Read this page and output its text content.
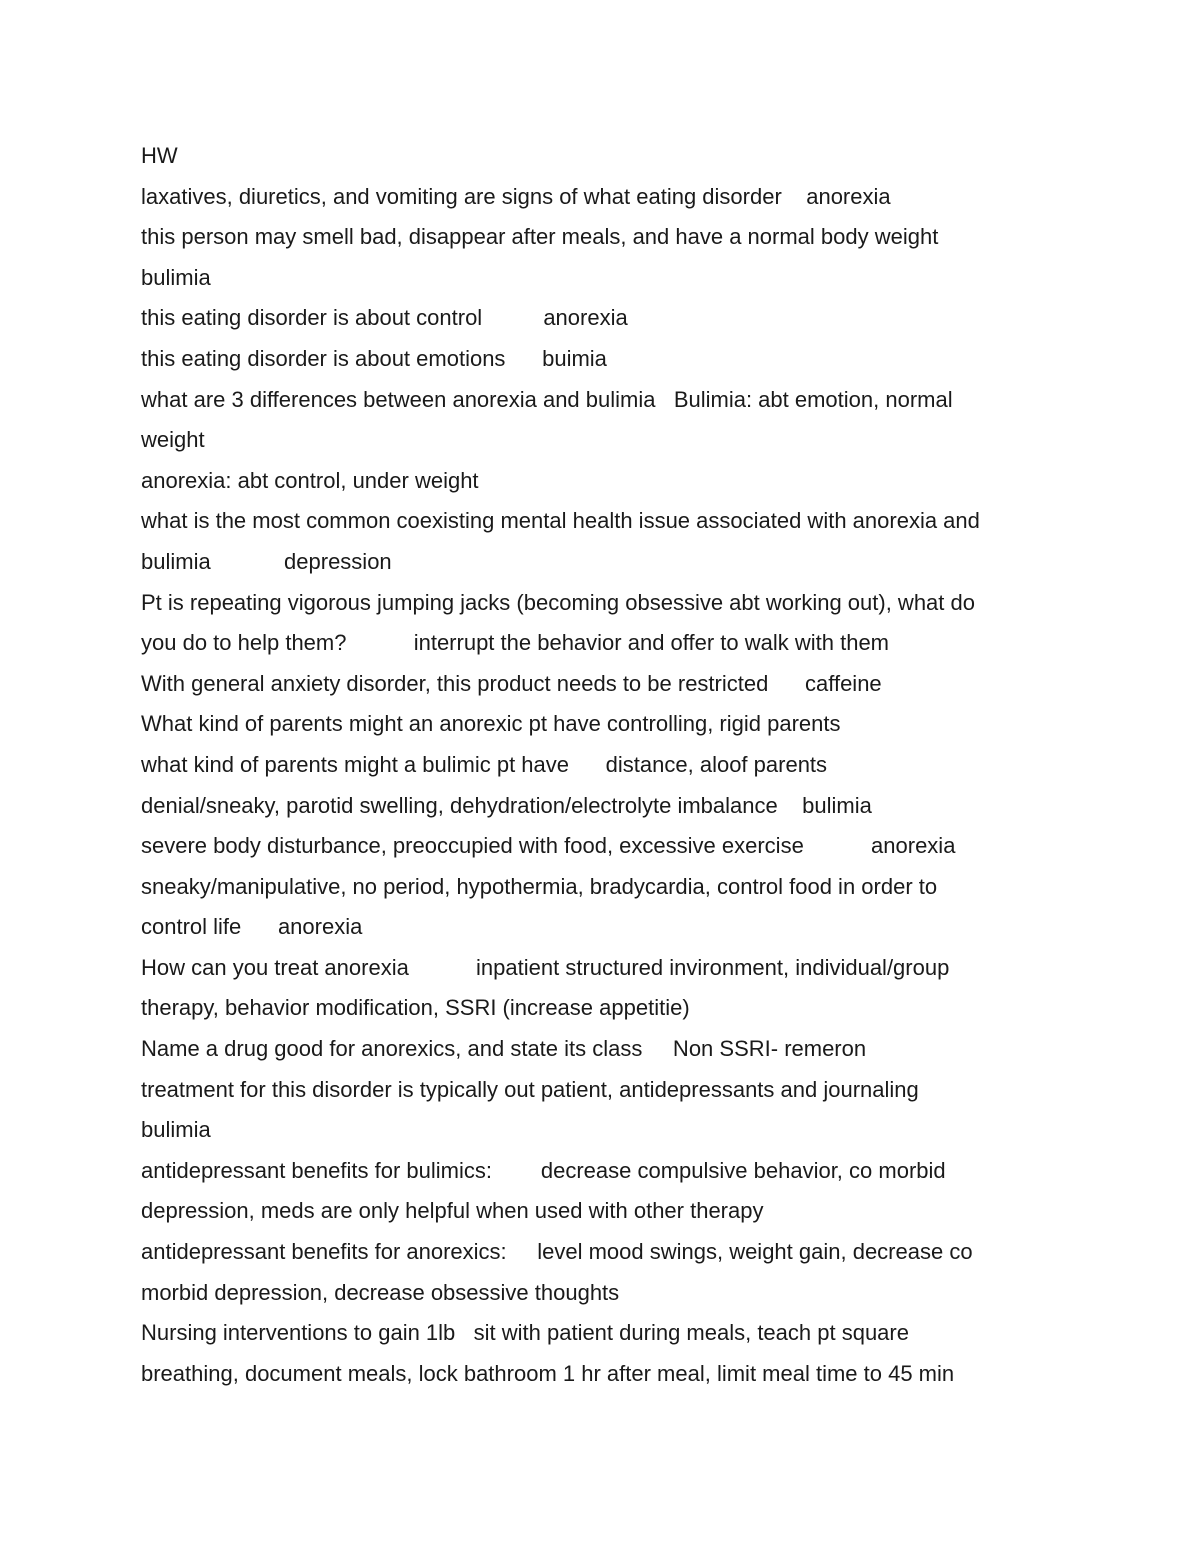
HW
laxatives, diuretics, and vomiting are signs of what eating disorder    anorexia
this person may smell bad, disappear after meals, and have a normal body weight
bulimia
this eating disorder is about control          anorexia
this eating disorder is about emotions      buimia
what are 3 differences between anorexia and bulimia   Bulimia: abt emotion, normal
weight
anorexia: abt control, under weight
what is the most common coexisting mental health issue associated with anorexia and
bulimia            depression
Pt is repeating vigorous jumping jacks (becoming obsessive abt working out), what do
you do to help them?           interrupt the behavior and offer to walk with them
With general anxiety disorder, this product needs to be restricted      caffeine
What kind of parents might an anorexic pt have controlling, rigid parents
what kind of parents might a bulimic pt have      distance, aloof parents
denial/sneaky, parotid swelling, dehydration/electrolyte imbalance    bulimia
severe body disturbance, preoccupied with food, excessive exercise           anorexia
sneaky/manipulative, no period, hypothermia, bradycardia, control food in order to
control life      anorexia
How can you treat anorexia           inpatient structured invironment, individual/group
therapy, behavior modification, SSRI (increase appetitie)
Name a drug good for anorexics, and state its class     Non SSRI- remeron
treatment for this disorder is typically out patient, antidepressants and journaling
bulimia
antidepressant benefits for bulimics:        decrease compulsive behavior, co morbid
depression, meds are only helpful when used with other therapy
antidepressant benefits for anorexics:     level mood swings, weight gain, decrease co
morbid depression, decrease obsessive thoughts
Nursing interventions to gain 1lb   sit with patient during meals, teach pt square
breathing, document meals, lock bathroom 1 hr after meal, limit meal time to 45 min
